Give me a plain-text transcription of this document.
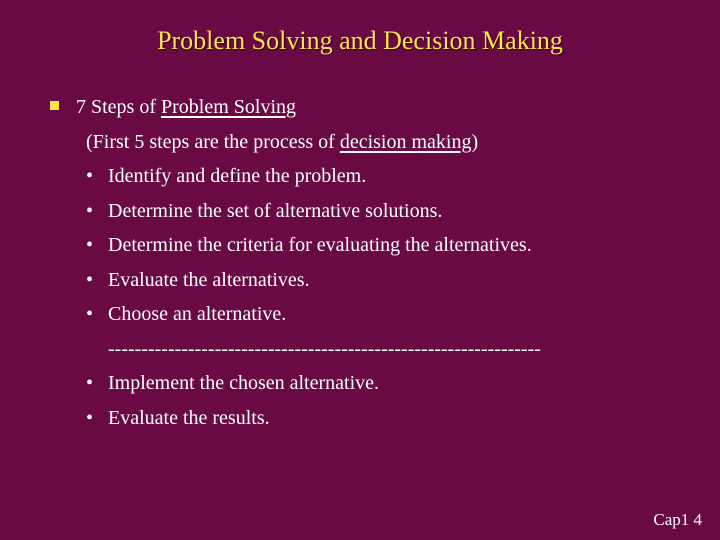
Problem Solving and Decision Making
7 Steps of Problem Solving
(First 5 steps are the process of decision making)
• Identify and define the problem.
• Determine the set of alternative solutions.
• Determine the criteria for evaluating the alternatives.
• Evaluate the alternatives.
• Choose an alternative.
-----------------------------------------------------------------
• Implement the chosen alternative.
• Evaluate the results.
Cap1 4
